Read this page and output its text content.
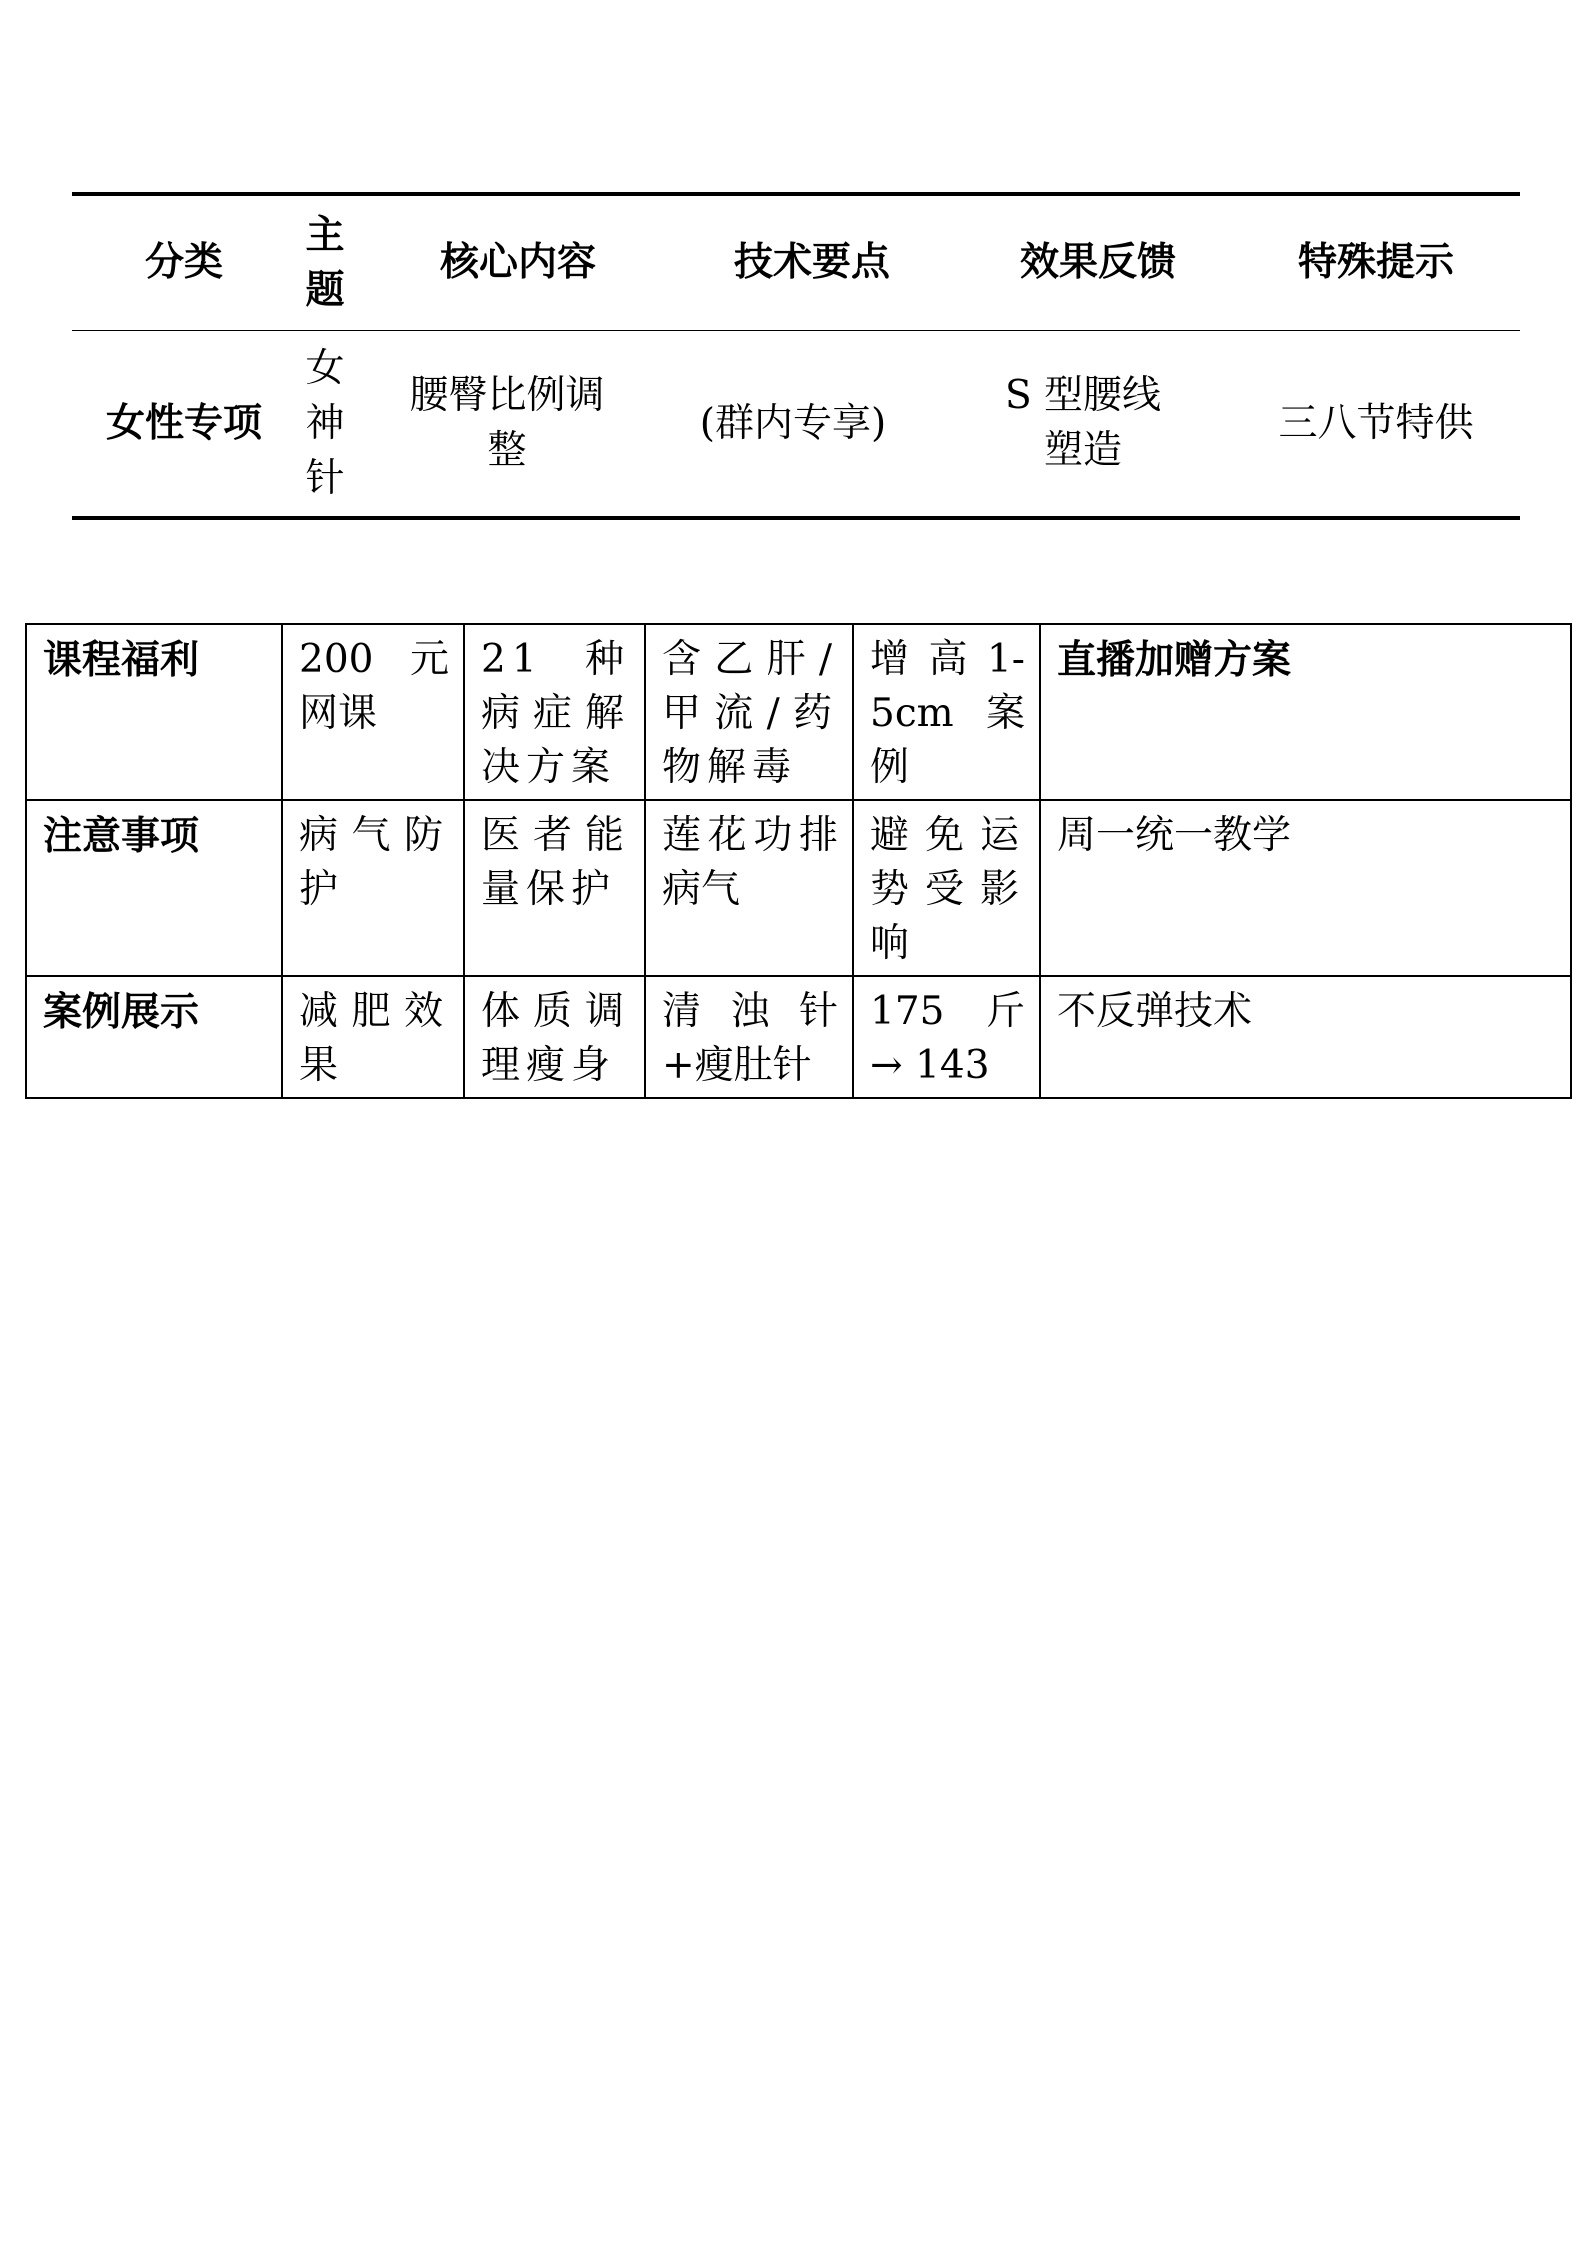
分类	主题	核心内容	技术要点	效果反馈	特殊提示
女性专项	女神针	腰臀比例调整	(群内专享)	S 型腰线塑造	三八节特供
课程福利	200 元网课	21 种病症解决方案	含乙肝/甲流/药物解毒	增 高 1-5cm 案例	直播加赠方案
注意事项	病气防护	医者能量保护	莲花功排病气	避免运势受影响	周一统一教学
案例展示	减肥效果	体质调理瘦身	清浊针+瘦肚针	175 斤 → 143	不反弹技术
